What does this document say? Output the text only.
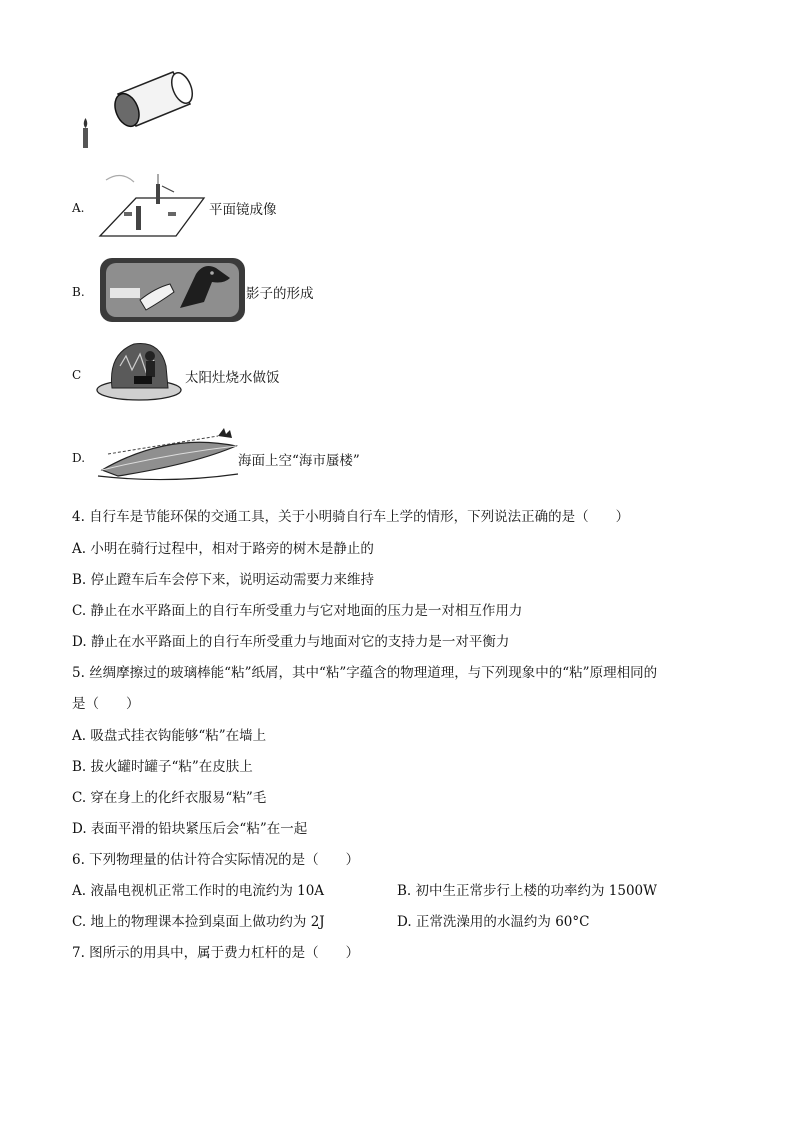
A.	平面镜成像
B.	影子的形成
C	太阳灶烧水做饭
D.	海面上空“海市蜃楼”
4. 自行车是节能环保的交通工具，关于小明骑自行车上学的情形，下列说法正确的是（　　）
A. 小明在骑行过程中，相对于路旁的树木是静止的
B. 停止蹬车后车会停下来，说明运动需要力来维持
C. 静止在水平路面上的自行车所受重力与它对地面的压力是一对相互作用力
D. 静止在水平路面上的自行车所受重力与地面对它的支持力是一对平衡力
5. 丝绸摩擦过的玻璃棒能“粘”纸屑，其中“粘”字蕴含的物理道理，与下列现象中的“粘”原理相同的
是（　　）
A. 吸盘式挂衣钩能够“粘”在墙上
B. 拔火罐时罐子“粘”在皮肤上
C. 穿在身上的化纤衣服易“粘”毛
D. 表面平滑的铅块紧压后会“粘”在一起
6. 下列物理量的估计符合实际情况的是（　　）
A. 液晶电视机正常工作时的电流约为 10A	B. 初中生正常步行上楼的功率约为 1500W
C. 地上的物理课本捡到桌面上做功约为 2J	D. 正常洗澡用的水温约为 60°C
7. 图所示的用具中，属于费力杠杆的是（　　）
